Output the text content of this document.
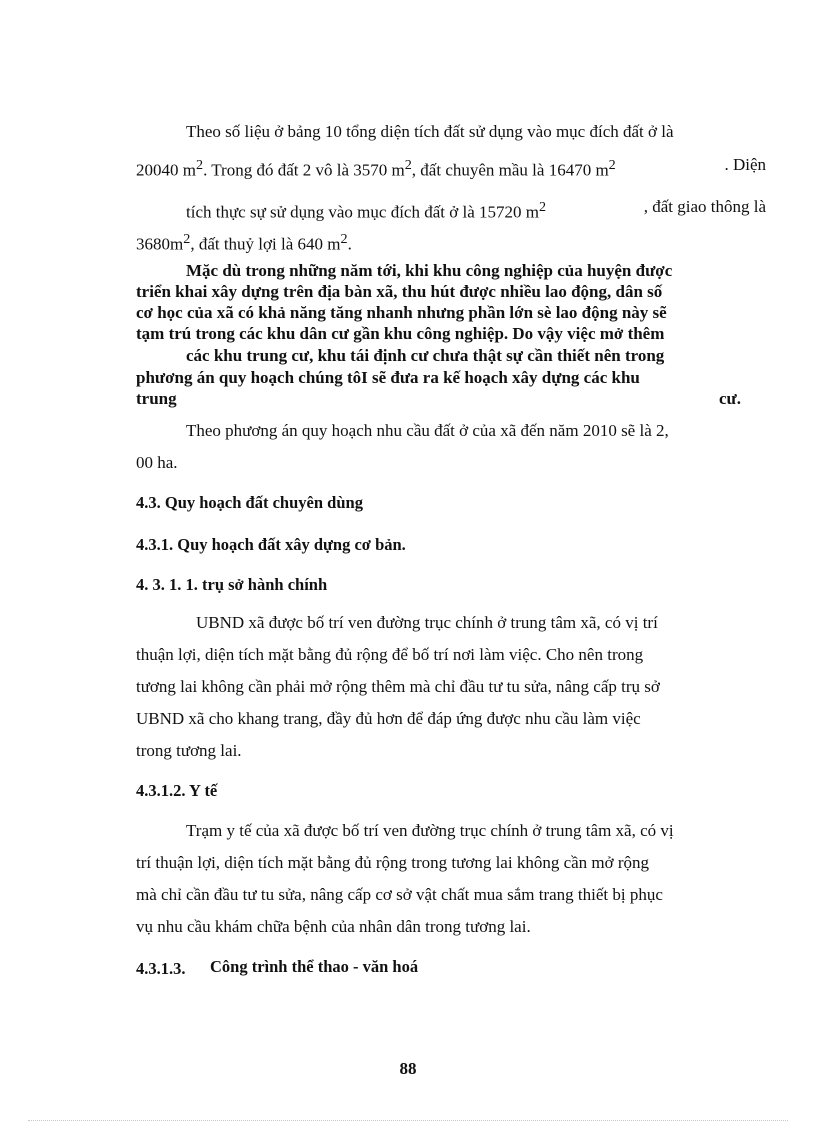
Theo số liệu ở bảng 10 tổng diện tích đất sử dụng vào mục đích đất ở là
20040 $m^2$. Trong đó đất 2 vô là 3570 $m^2$, đất chuyên mầu là 16470 $m^2$	. Diện
tích thực sự sử dụng vào mục đích đất ở là 15720 $m^2$	, đất giao thông là
$3680m^2$, đất thuỷ lợi là 640 $m^2$.
Mặc dù trong những năm tới, khi khu công nghiệp của huyện được
triển khai xây dựng trên địa bàn xã, thu hút được nhiều lao động, dân số
cơ học của xã có khả năng tăng nhanh nhưng phần lớn sè lao động này sẽ
tạm trú trong các khu dân cư gần khu công nghiệp. Do vậy việc mở thêm
các khu trung cư, khu tái định cư chưa thật sự cần thiết nên trong
phương án quy hoạch chúng tôI sẽ đưa ra kế hoạch xây dựng các khu
trung	cư.
Theo phương án quy hoạch nhu cầu đất ở của xã đến năm 2010 sẽ là 2,
00 ha.
4.3. Quy hoạch đất chuyên dùng
4.3.1. Quy hoạch đất xây dựng cơ bản.
4. 3. 1. 1. trụ sở hành chính
UBND xã được bố trí ven đường trục chính ở trung tâm xã, có vị trí
thuận lợi, diện tích mặt bằng đủ rộng để bố trí nơi làm việc. Cho nên trong
tương lai không cần phải mở rộng thêm mà chỉ đầu tư tu sửa, nâng cấp trụ sở
UBND xã cho khang trang, đầy đủ hơn để đáp ứng được nhu cầu làm việc
trong tương lai.
4.3.1.2. Y tế
Trạm y tế của xã được bố trí ven đường trục chính ở trung tâm xã, có vị
trí thuận lợi, diện tích mặt bằng đủ rộng trong tương lai không cần mở rộng
mà chỉ cần đầu tư tu sửa, nâng cấp cơ sở vật chất mua sắm trang thiết bị phục
vụ nhu cầu khám chữa bệnh của nhân dân trong tương lai.
4.3.1.3. Công trình thể thao - văn hoá
88
